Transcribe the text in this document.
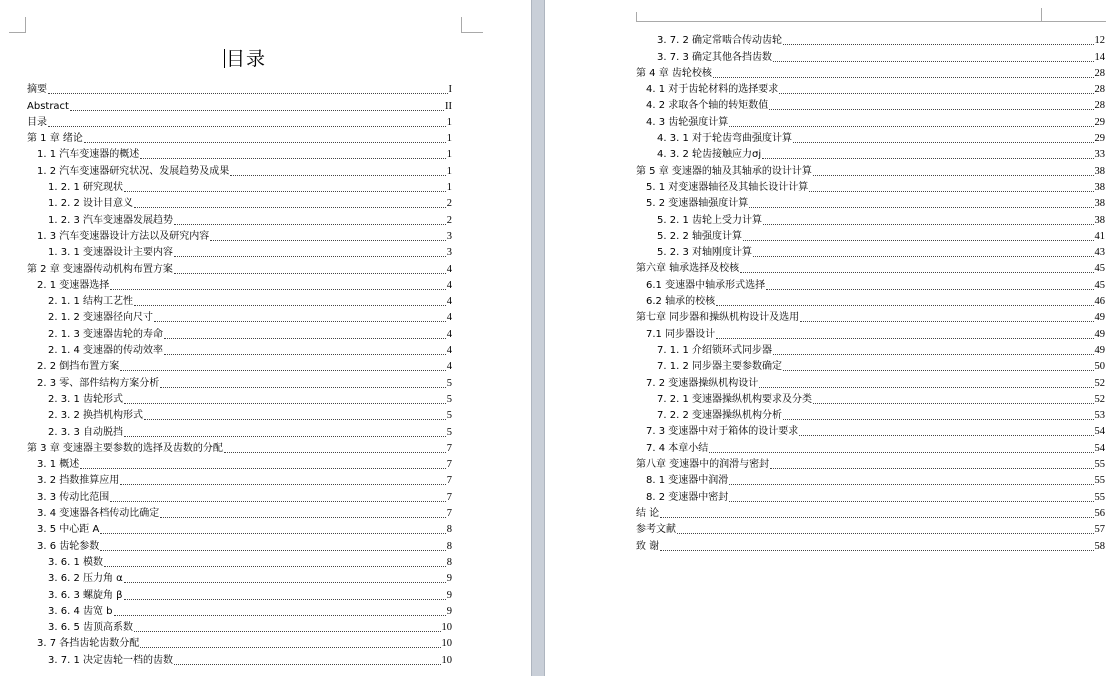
目录
摘要	I
Abstract	II
目录	1
第 1 章 绪论	1
1. 1 汽车变速器的概述	1
1. 2 汽车变速器研究状况、发展趋势及成果	1
1. 2. 1 研究现状	1
1. 2. 2 设计目意义	2
1. 2. 3 汽车变速器发展趋势	2
1. 3 汽车变速器设计方法以及研究内容	3
1. 3. 1 变速器设计主要内容	3
第 2 章 变速器传动机构布置方案	4
2. 1 变速器选择	4
2. 1. 1 结构工艺性	4
2. 1. 2 变速器径向尺寸	4
2. 1. 3 变速器齿轮的寿命	4
2. 1. 4 变速器的传动效率	4
2. 2 倒挡布置方案	4
2. 3 零、部件结构方案分析	5
2. 3. 1 齿轮形式	5
2. 3. 2 换挡机构形式	5
2. 3. 3 自动脱挡	5
第 3 章 变速器主要参数的选择及齿数的分配	7
3. 1 概述	7
3. 2 挡数推算应用	7
3. 3 传动比范围	7
3. 4 变速器各档传动比确定	7
3. 5 中心距 A	8
3. 6 齿轮参数	8
3. 6. 1 模数	8
3. 6. 2 压力角 α	9
3. 6. 3 螺旋角 β	9
3. 6. 4 齿宽 b	9
3. 6. 5 齿顶高系数	10
3. 7 各挡齿轮齿数分配	10
3. 7. 1 决定齿轮一档的齿数	10
3. 7. 2 确定常啮合传动齿轮	12
3. 7. 3 确定其他各挡齿数	14
第 4 章 齿轮校核	28
4. 1 对于齿轮材料的选择要求	28
4. 2 求取各个轴的转矩数值	28
4. 3 齿轮强度计算	29
4. 3. 1 对于轮齿弯曲强度计算	29
4. 3. 2 轮齿接触应力σj	33
第 5 章 变速器的轴及其轴承的设计计算	38
5. 1 对变速器轴径及其轴长设计计算	38
5. 2 变速器轴强度计算	38
5. 2. 1 齿轮上受力计算	38
5. 2. 2 轴强度计算	41
5. 2. 3 对轴刚度计算	43
第六章 轴承选择及校核	45
6.1 变速器中轴承形式选择	45
6.2 轴承的校核	46
第七章 同步器和操纵机构设计及选用	49
7.1 同步器设计	49
7. 1. 1 介绍锁环式同步器	49
7. 1. 2 同步器主要参数确定	50
7. 2 变速器操纵机构设计	52
7. 2. 1 变速器操纵机构要求及分类	52
7. 2. 2 变速器操纵机构分析	53
7. 3 变速器中对于箱体的设计要求	54
7. 4 本章小结	54
第八章 变速器中的润滑与密封	55
8. 1 变速器中润滑	55
8. 2 变速器中密封	55
结 论	56
参考文献	57
致 谢	58
